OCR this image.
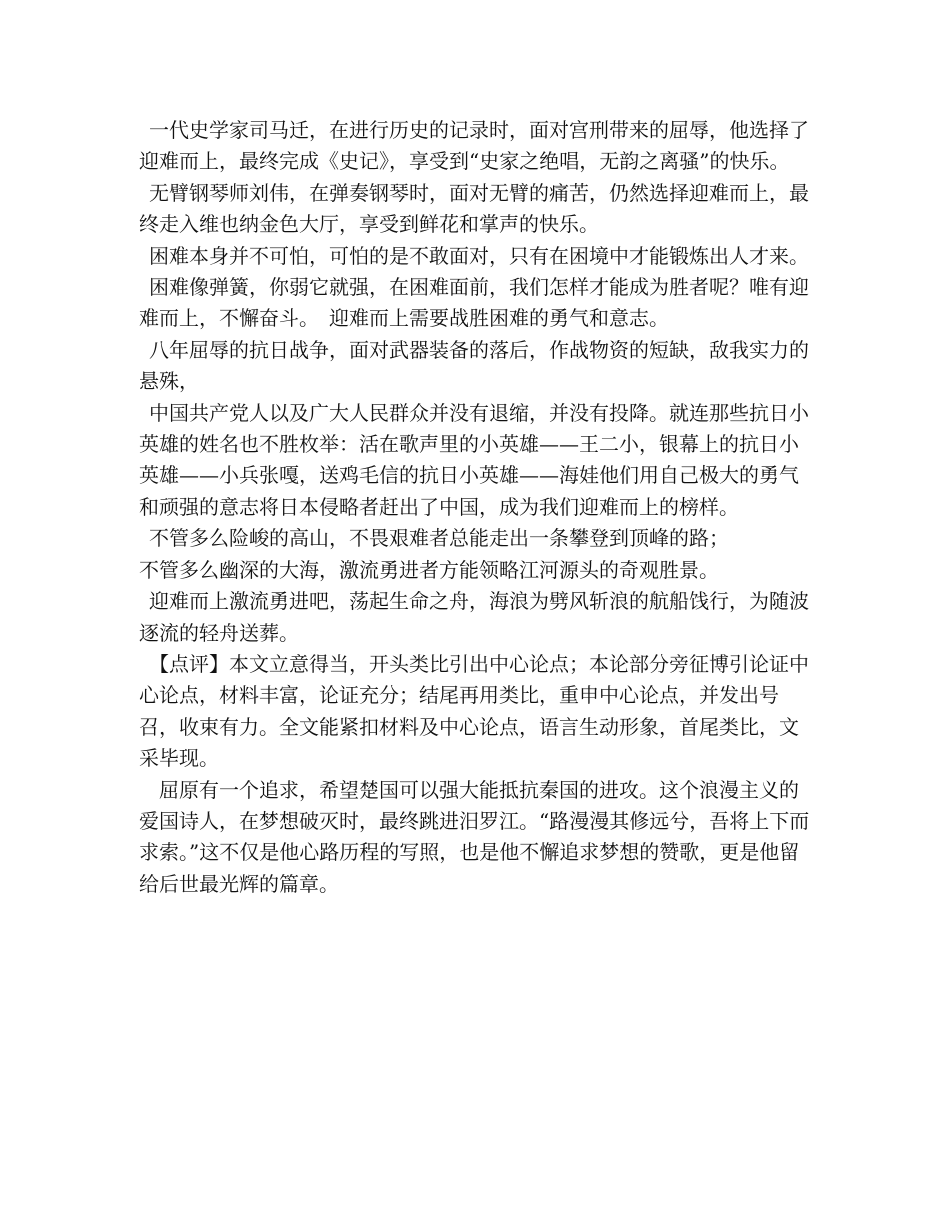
一代史学家司马迁，在进行历史的记录时，面对宫刑带来的屈辱，他选择了迎难而上，最终完成《史记》，享受到“史家之绝唱，无韵之离骚”的快乐。

无臂钢琴师刘伟，在弹奏钢琴时，面对无臂的痛苦，仍然选择迎难而上，最终走入维也纳金色大厅，享受到鲜花和掌声的快乐。

困难本身并不可怕，可怕的是不敢面对，只有在困境中才能锻炼出人才来。

困难像弹簧，你弱它就强，在困难面前，我们怎样才能成为胜者呢？唯有迎难而上，不懈奋斗。　迎难而上需要战胜困难的勇气和意志。

八年屈辱的抗日战争，面对武器装备的落后，作战物资的短缺，敌我实力的悬殊，

中国共产党人以及广大人民群众并没有退缩，并没有投降。就连那些抗日小英雄的姓名也不胜枚举：活在歌声里的小英雄——王二小，银幕上的抗日小英雄——小兵张嘎，送鸡毛信的抗日小英雄——海娃他们用自己极大的勇气和顽强的意志将日本侵略者赶出了中国，成为我们迎难而上的榜样。

不管多么险峻的高山，不畏艰难者总能走出一条攀登到顶峰的路；

不管多么幽深的大海，激流勇进者方能领略江河源头的奇观胜景。

迎难而上激流勇进吧，荡起生命之舟，海浪为劈风斩浪的航船饯行，为随波逐流的轻舟送葬。

【点评】本文立意得当，开头类比引出中心论点；本论部分旁征博引论证中心论点，材料丰富，论证充分；结尾再用类比，重申中心论点，并发出号召，收束有力。全文能紧扣材料及中心论点，语言生动形象，首尾类比，文采毕现。

屈原有一个追求，希望楚国可以强大能抵抗秦国的进攻。这个浪漫主义的爱国诗人，在梦想破灭时，最终跳进汨罗江。“路漫漫其修远兮，吾将上下而求索。”这不仅是他心路历程的写照，也是他不懈追求梦想的赞歌，更是他留给后世最光辉的篇章。
